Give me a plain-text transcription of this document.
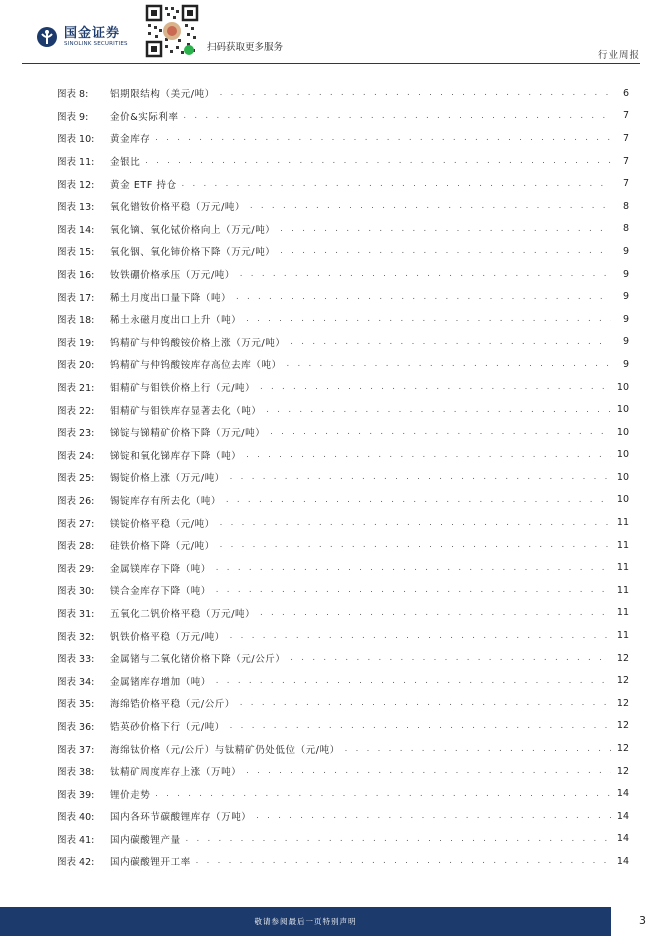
国金证券
SINOLINK SECURITIES	扫码获取更多服务
行业周报
图表 8:	铝期限结构（美元/吨） . . .	6
图表 9:	金价&实际利率 . . .	7
图表 10:	黄金库存 . . .	7
图表 11:	金银比 . . .	7
图表 12:	黄金 ETF 持仓 . . .	7
图表 13:	氧化镨钕价格平稳（万元/吨） . . .	8
图表 14:	氧化镝、氧化铽价格向上（万元/吨） . . .	8
图表 15:	氧化铟、氧化铈价格下降（万元/吨） . . .	9
图表 16:	钕铁硼价格承压（万元/吨） . . .	9
图表 17:	稀土月度出口量下降（吨） . . .	9
图表 18:	稀土永磁月度出口上升（吨） . . .	9
图表 19:	钨精矿与仲钨酸铵价格上涨（万元/吨） . . .	9
图表 20:	钨精矿与仲钨酸铵库存高位去库（吨） . . .	9
图表 21:	钼精矿与钼铁价格上行（元/吨） . . .	10
图表 22:	钼精矿与钼铁库存显著去化（吨） . . .	10
图表 23:	锑锭与锑精矿价格下降（万元/吨） . . .	10
图表 24:	锑锭和氧化锑库存下降（吨） . . .	10
图表 25:	锡锭价格上涨（万元/吨） . . .	10
图表 26:	锡锭库存有所去化（吨） . . .	10
图表 27:	镁锭价格平稳（元/吨） . . .	11
图表 28:	硅铁价格下降（元/吨） . . .	11
图表 29:	金属镁库存下降（吨） . . .	11
图表 30:	镁合金库存下降（吨） . . .	11
图表 31:	五氧化二钒价格平稳（万元/吨） . . .	11
图表 32:	钒铁价格平稳（万元/吨） . . .	11
图表 33:	金属锗与二氧化锗价格下降（元/公斤） . . .	12
图表 34:	金属锗库存增加（吨） . . .	12
图表 35:	海绵锆价格平稳（元/公斤） . . .	12
图表 36:	锆英砂价格下行（元/吨） . . .	12
图表 37:	海绵钛价格（元/公斤）与钛精矿仍处低位（元/吨） . . .	12
图表 38:	钛精矿周度库存上涨（万吨） . . .	12
图表 39:	锂价走势 . . .	14
图表 40:	国内各环节碳酸锂库存（万吨） . . .	14
图表 41:	国内碳酸锂产量 . . .	14
图表 42:	国内碳酸锂开工率 . . .	14
敬请参阅最后一页特别声明	3
